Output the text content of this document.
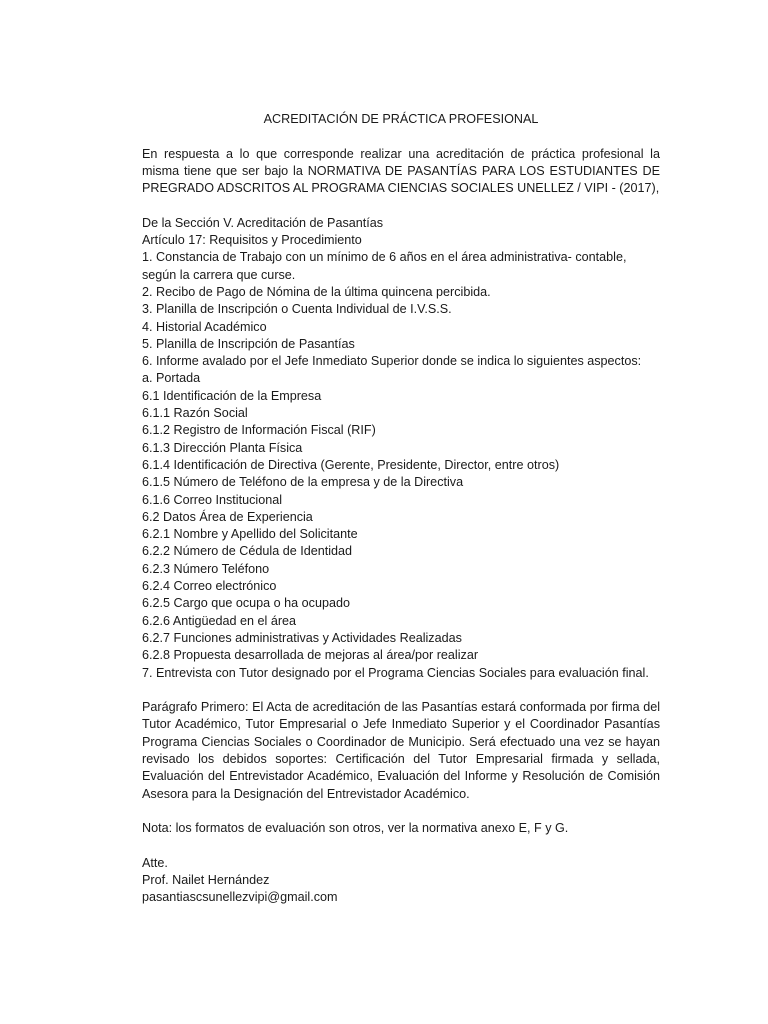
ACREDITACIÓN DE PRÁCTICA PROFESIONAL

En respuesta a lo que corresponde realizar una acreditación de práctica profesional la misma tiene que ser bajo la NORMATIVA DE PASANTÍAS PARA LOS ESTUDIANTES DE PREGRADO ADSCRITOS AL PROGRAMA CIENCIAS SOCIALES UNELLEZ / VIPI - (2017),

De la Sección V. Acreditación de Pasantías

Artículo 17: Requisitos y Procedimiento

1. Constancia de Trabajo con un mínimo de 6 años en el área administrativa- contable, según la carrera que curse.

2. Recibo de Pago de Nómina de la última quincena percibida.

3. Planilla de Inscripción o Cuenta Individual de I.V.S.S.

4. Historial Académico

5. Planilla de Inscripción de Pasantías

6. Informe avalado por el Jefe Inmediato Superior donde se indica lo siguientes aspectos:

a. Portada

6.1 Identificación de la Empresa

6.1.1 Razón Social

6.1.2 Registro de Información Fiscal (RIF)

6.1.3 Dirección Planta Física

6.1.4 Identificación de Directiva (Gerente, Presidente, Director, entre otros)

6.1.5 Número de Teléfono de la empresa y de la Directiva

6.1.6 Correo Institucional

6.2 Datos Área de Experiencia

6.2.1 Nombre y Apellido del Solicitante

6.2.2 Número de Cédula de Identidad

6.2.3 Número Teléfono

6.2.4 Correo electrónico

6.2.5 Cargo que ocupa o ha ocupado

6.2.6 Antigüedad en el área

6.2.7 Funciones administrativas y Actividades Realizadas

6.2.8 Propuesta desarrollada de mejoras al área/por realizar

7. Entrevista con Tutor designado por el Programa Ciencias Sociales para evaluación final.

Parágrafo Primero: El Acta de acreditación de las Pasantías estará conformada por firma del Tutor Académico, Tutor Empresarial o Jefe Inmediato Superior y el Coordinador Pasantías Programa Ciencias Sociales o Coordinador de Municipio. Será efectuado una vez se hayan revisado los debidos soportes: Certificación del Tutor Empresarial firmada y sellada, Evaluación del Entrevistador Académico, Evaluación del Informe y Resolución de Comisión Asesora para la Designación del Entrevistador Académico.

Nota: los formatos de evaluación son otros, ver la normativa anexo E, F y G.

Atte.

Prof. Nailet Hernández

pasantiascsunellezvipi@gmail.com
